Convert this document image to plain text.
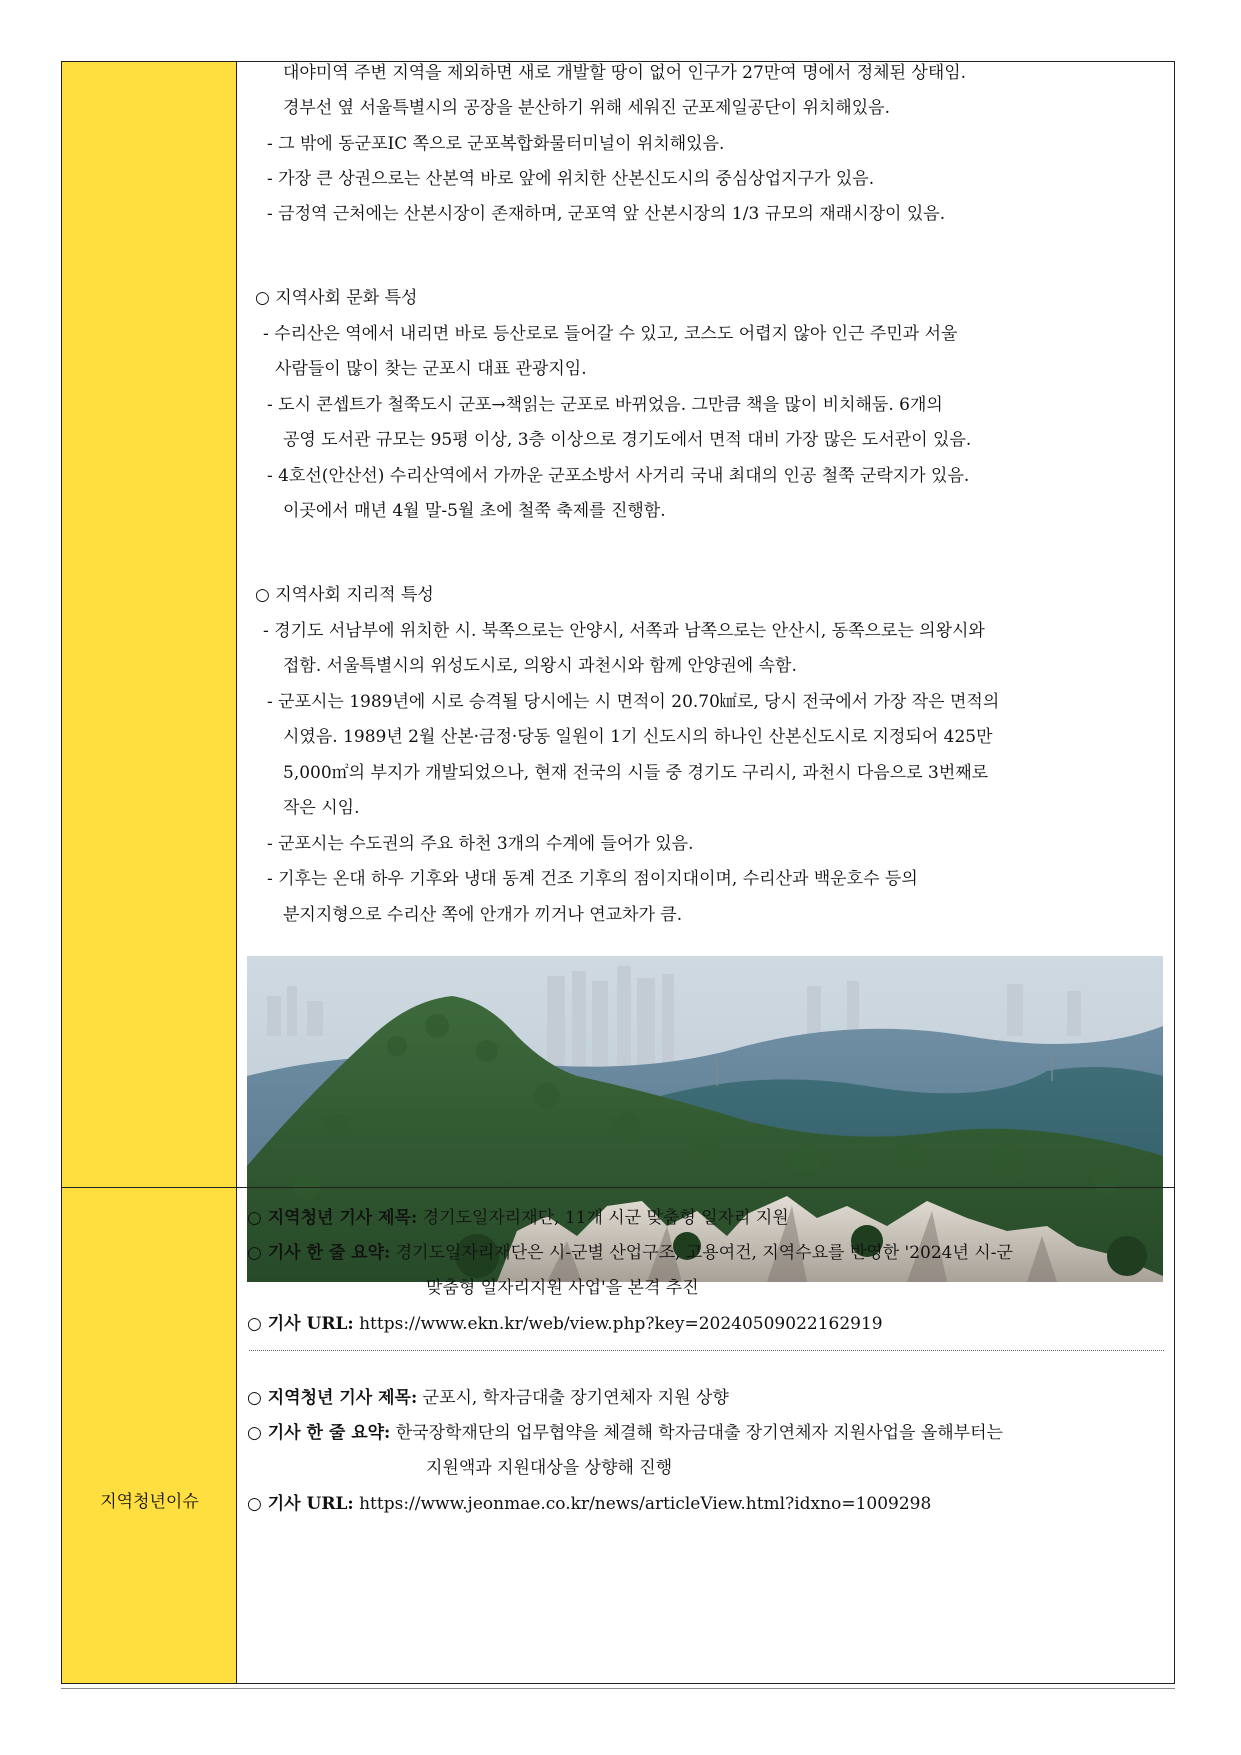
대야미역 주변 지역을 제외하면 새로 개발할 땅이 없어 인구가 27만여 명에서 정체된 상태임.
경부선 옆 서울특별시의 공장을 분산하기 위해 세워진 군포제일공단이 위치해있음.
- 그 밖에 동군포IC 쪽으로 군포복합화물터미널이 위치해있음.
- 가장 큰 상권으로는 산본역 바로 앞에 위치한 산본신도시의 중심상업지구가 있음.
- 금정역 근처에는 산본시장이 존재하며, 군포역 앞 산본시장의 1/3 규모의 재래시장이 있음.
○ 지역사회 문화 특성
- 수리산은 역에서 내리면 바로 등산로로 들어갈 수 있고, 코스도 어렵지 않아 인근 주민과 서울
사람들이 많이 찾는 군포시 대표 관광지임.
- 도시 콘셉트가 철쭉도시 군포→책읽는 군포로 바뀌었음. 그만큼 책을 많이 비치해둠. 6개의
공영 도서관 규모는 95평 이상, 3층 이상으로 경기도에서 면적 대비 가장 많은 도서관이 있음.
- 4호선(안산선) 수리산역에서 가까운 군포소방서 사거리 국내 최대의 인공 철쭉 군락지가 있음.
이곳에서 매년 4월 말-5월 초에 철쭉 축제를 진행함.
○ 지역사회 지리적 특성
- 경기도 서남부에 위치한 시. 북쪽으로는 안양시, 서쪽과 남쪽으로는 안산시, 동쪽으로는 의왕시와
접함. 서울특별시의 위성도시로, 의왕시 과천시와 함께 안양권에 속함.
- 군포시는 1989년에 시로 승격될 당시에는 시 면적이 20.70㎢로, 당시 전국에서 가장 작은 면적의
시였음. 1989년 2월 산본·금정·당동 일원이 1기 신도시의 하나인 산본신도시로 지정되어 425만
5,000㎡의 부지가 개발되었으나, 현재 전국의 시들 중 경기도 구리시, 과천시 다음으로 3번째로
작은 시임.
- 군포시는 수도권의 주요 하천 3개의 수계에 들어가 있음.
- 기후는 온대 하우 기후와 냉대 동계 건조 기후의 점이지대이며, 수리산과 백운호수 등의
분지지형으로 수리산 쪽에 안개가 끼거나 연교차가 큼.
지역청년이슈
○ 지역청년 기사 제목: 경기도일자리재단, 11개 시군 맞춤형 일자리 지원
○ 기사 한 줄 요약: 경기도일자리재단은 시-군별 산업구조, 고용여건, 지역수요를 반영한 '2024년 시-군
맞춤형 일자리지원 사업'을 본격 추진
○ 기사 URL: https://www.ekn.kr/web/view.php?key=20240509022162919
○ 지역청년 기사 제목: 군포시, 학자금대출 장기연체자 지원 상향
○ 기사 한 줄 요약: 한국장학재단의 업무협약을 체결해 학자금대출 장기연체자 지원사업을 올해부터는
지원액과 지원대상을 상향해 진행
○ 기사 URL: https://www.jeonmae.co.kr/news/articleView.html?idxno=1009298
